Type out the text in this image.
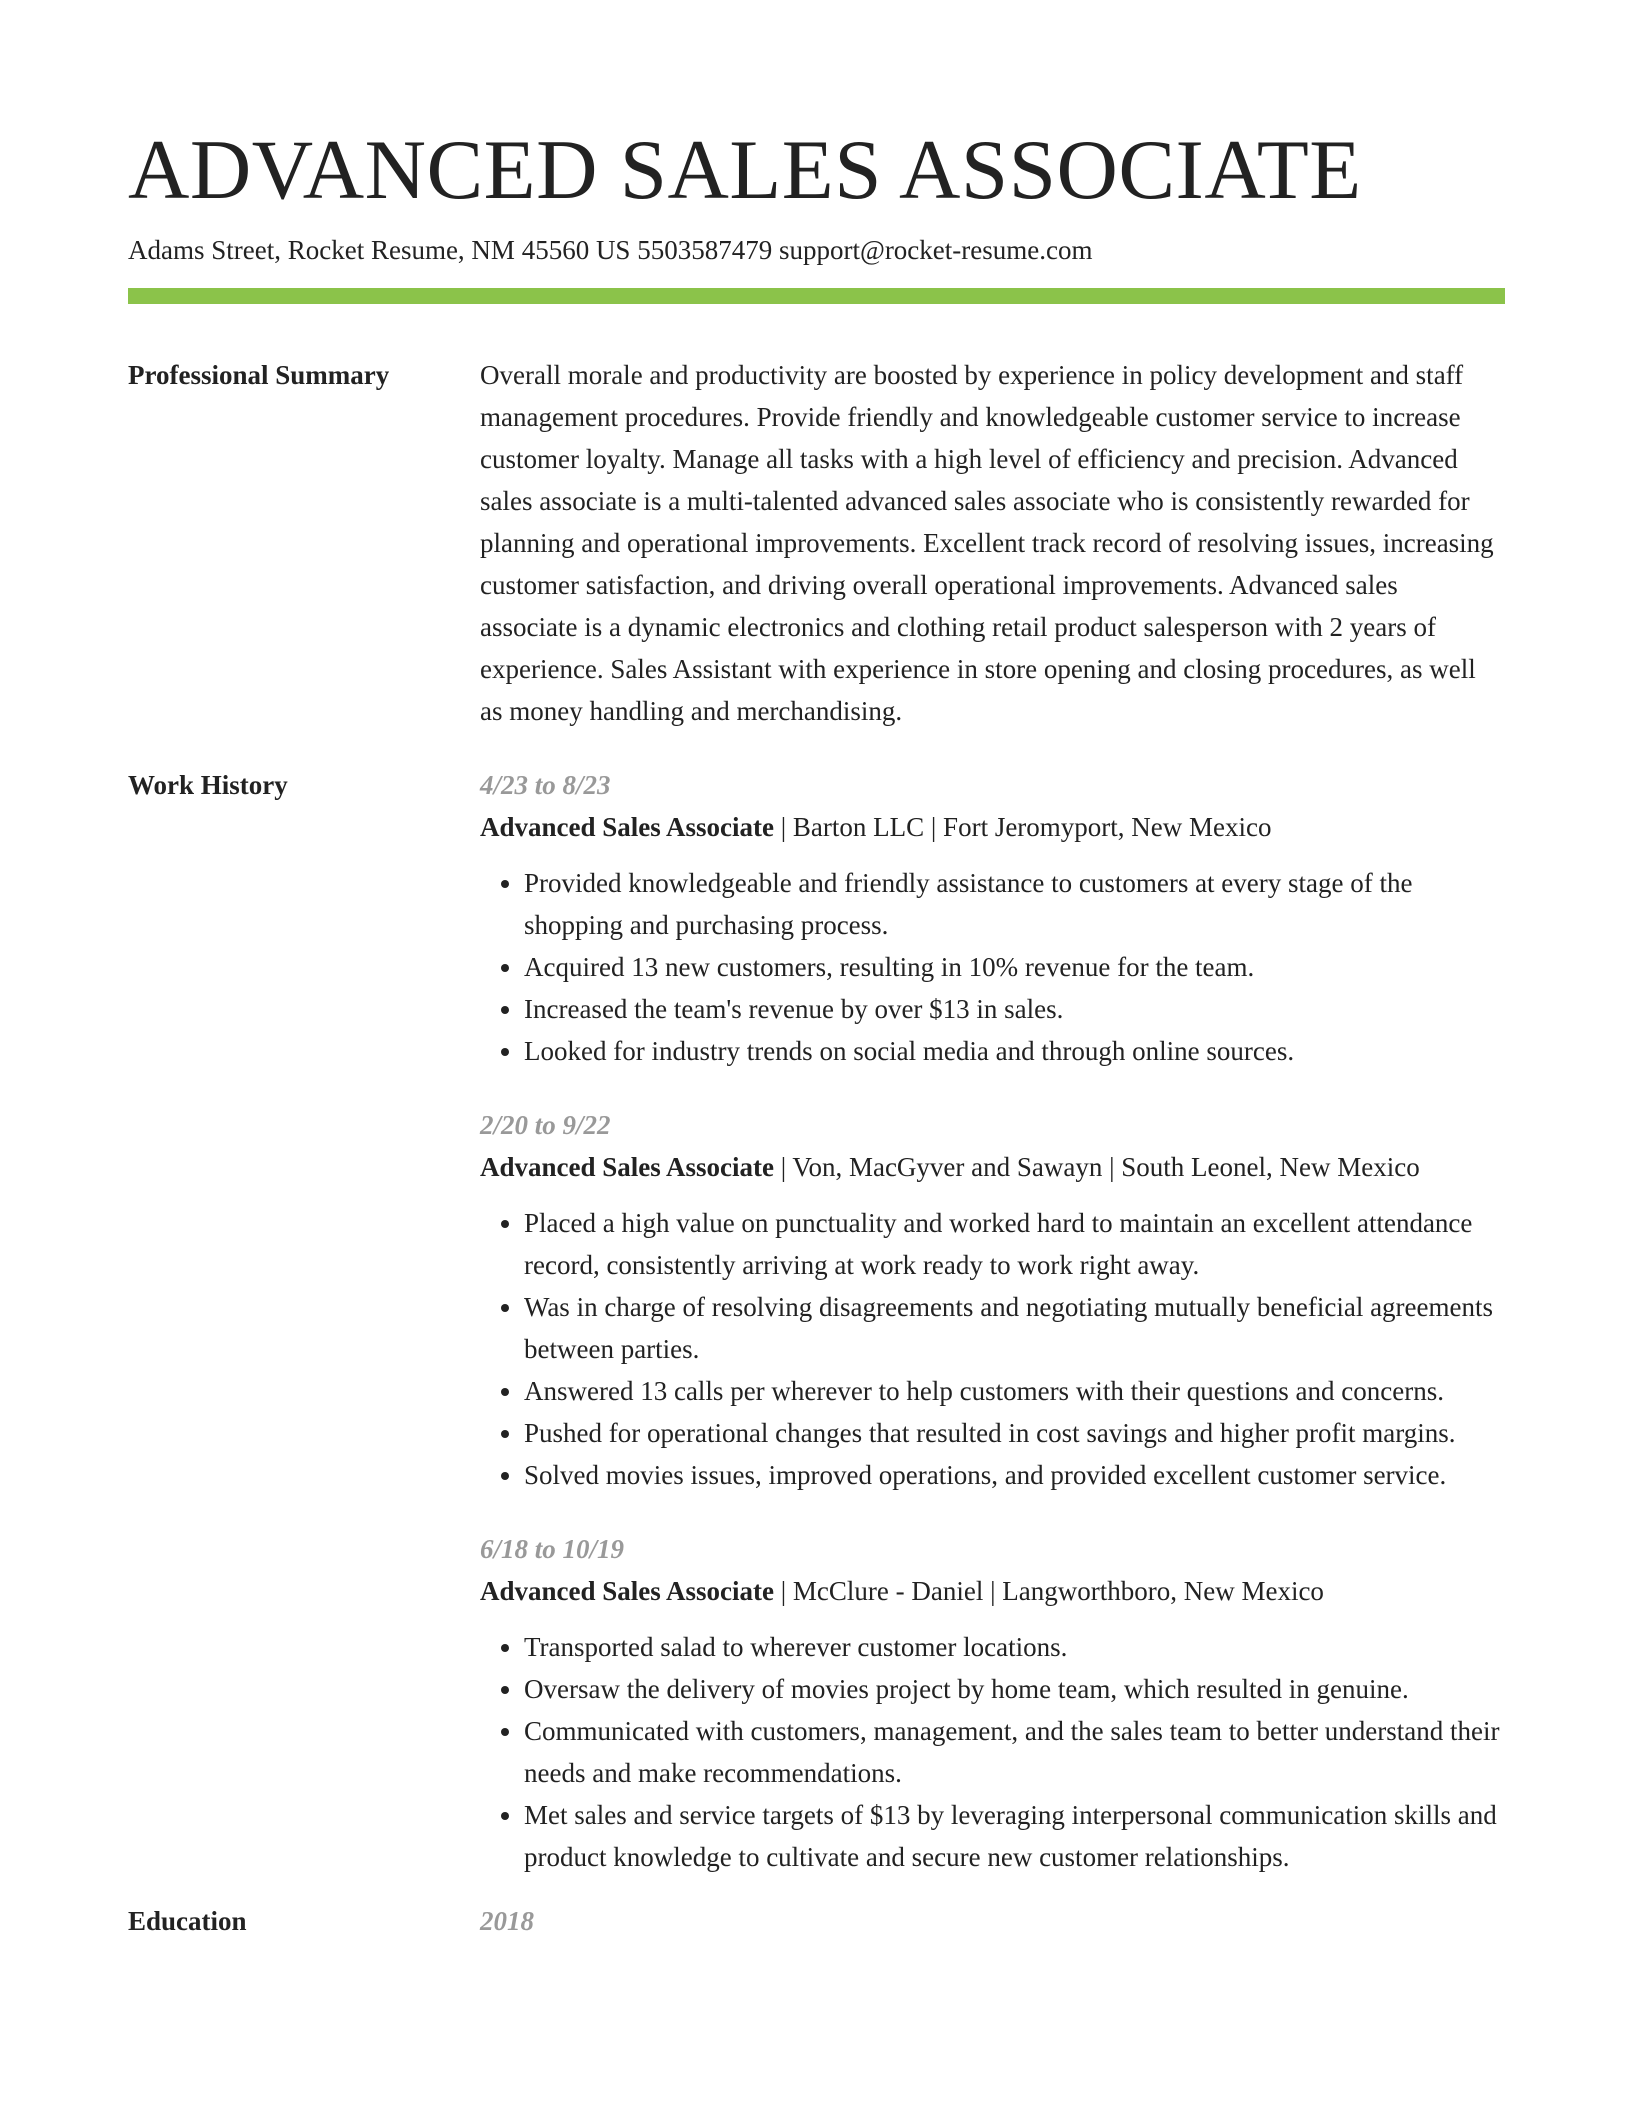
ADVANCED SALES ASSOCIATE
Adams Street, Rocket Resume, NM 45560 US 5503587479 support@rocket-resume.com
Professional Summary	Overall morale and productivity are boosted by experience in policy development and staff management procedures. Provide friendly and knowledgeable customer service to increase customer loyalty. Manage all tasks with a high level of efficiency and precision. Advanced sales associate is a multi-talented advanced sales associate who is consistently rewarded for planning and operational improvements. Excellent track record of resolving issues, increasing customer satisfaction, and driving overall operational improvements. Advanced sales associate is a dynamic electronics and clothing retail product salesperson with 2 years of experience. Sales Assistant with experience in store opening and closing procedures, as well as money handling and merchandising.
Work History	4/23 to 8/23
Advanced Sales Associate | Barton LLC | Fort Jeromyport, New Mexico
• Provided knowledgeable and friendly assistance to customers at every stage of the shopping and purchasing process.
• Acquired 13 new customers, resulting in 10% revenue for the team.
• Increased the team's revenue by over $13 in sales.
• Looked for industry trends on social media and through online sources.
2/20 to 9/22
Advanced Sales Associate | Von, MacGyver and Sawayn | South Leonel, New Mexico
• Placed a high value on punctuality and worked hard to maintain an excellent attendance record, consistently arriving at work ready to work right away.
• Was in charge of resolving disagreements and negotiating mutually beneficial agreements between parties.
• Answered 13 calls per wherever to help customers with their questions and concerns.
• Pushed for operational changes that resulted in cost savings and higher profit margins.
• Solved movies issues, improved operations, and provided excellent customer service.
6/18 to 10/19
Advanced Sales Associate | McClure - Daniel | Langworthboro, New Mexico
• Transported salad to wherever customer locations.
• Oversaw the delivery of movies project by home team, which resulted in genuine.
• Communicated with customers, management, and the sales team to better understand their needs and make recommendations.
• Met sales and service targets of $13 by leveraging interpersonal communication skills and product knowledge to cultivate and secure new customer relationships.
Education	2018
